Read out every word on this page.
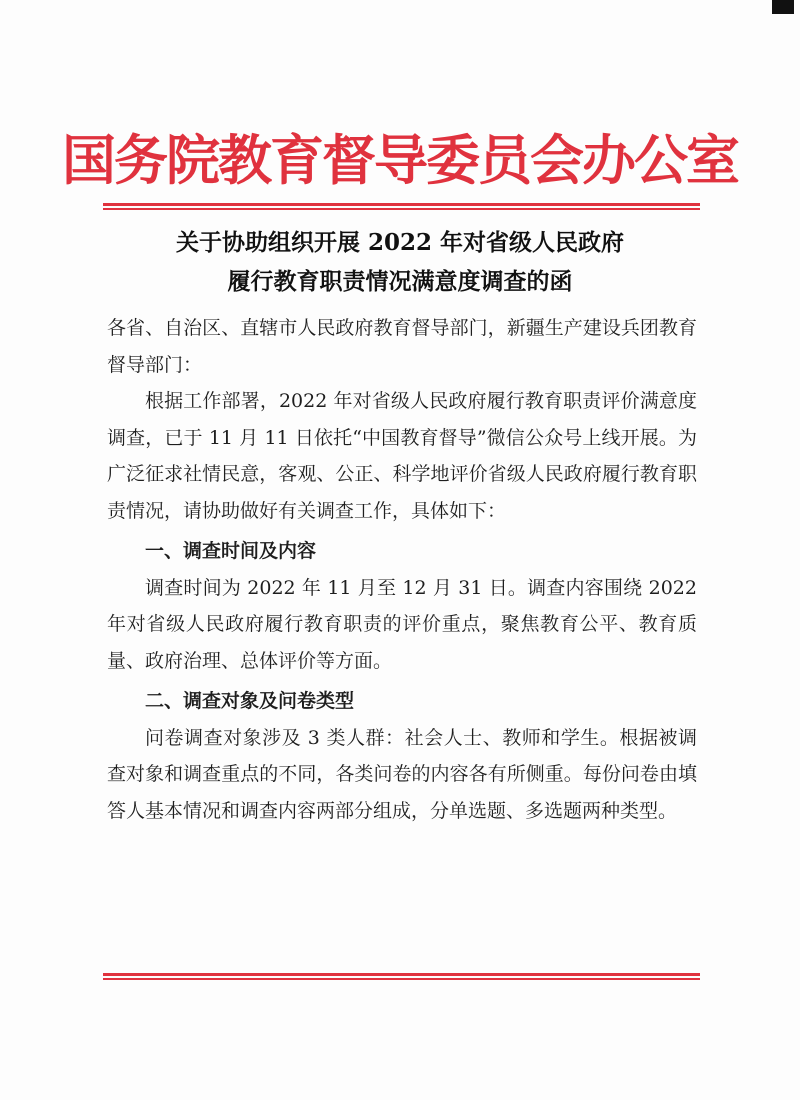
国务院教育督导委员会办公室
关于协助组织开展 2022 年对省级人民政府
履行教育职责情况满意度调查的函

各省、自治区、直辖市人民政府教育督导部门，新疆生产建设兵团教育督导部门：

根据工作部署，2022 年对省级人民政府履行教育职责评价满意度调查，已于 11 月 11 日依托“中国教育督导”微信公众号上线开展。为广泛征求社情民意，客观、公正、科学地评价省级人民政府履行教育职责情况，请协助做好有关调查工作，具体如下：

一、调查时间及内容

调查时间为 2022 年 11 月至 12 月 31 日。调查内容围绕 2022 年对省级人民政府履行教育职责的评价重点，聚焦教育公平、教育质量、政府治理、总体评价等方面。

二、调查对象及问卷类型

问卷调查对象涉及 3 类人群：社会人士、教师和学生。根据被调查对象和调查重点的不同，各类问卷的内容各有所侧重。每份问卷由填答人基本情况和调查内容两部分组成，分单选题、多选题两种类型。
